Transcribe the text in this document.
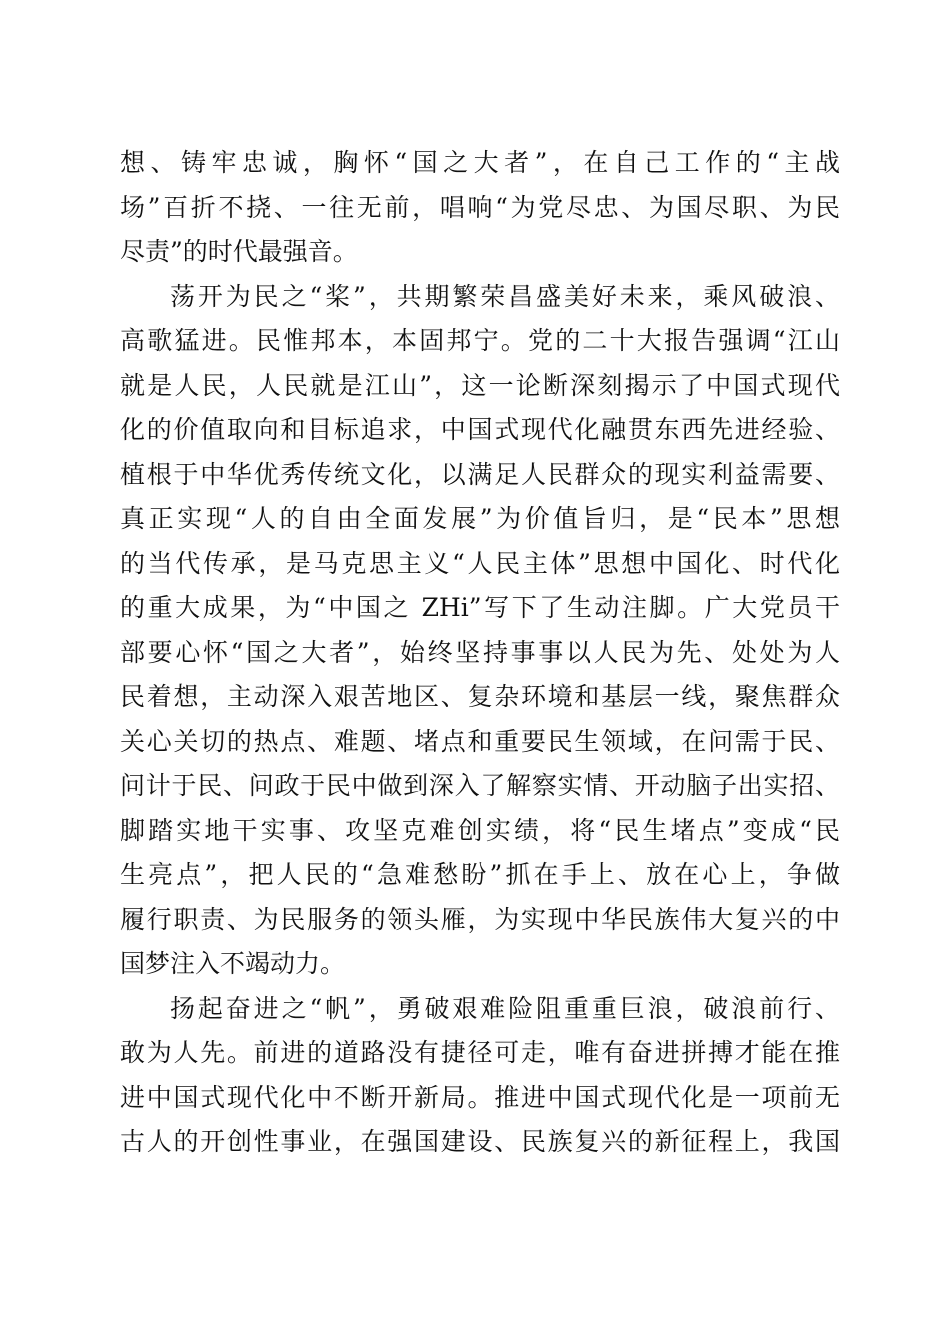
想、铸牢忠诚，胸怀“国之大者”，在自己工作的“主战
场”百折不挠、一往无前，唱响“为党尽忠、为国尽职、为民
尽责”的时代最强音。
荡开为民之“桨”，共期繁荣昌盛美好未来，乘风破浪、
高歌猛进。民惟邦本，本固邦宁。党的二十大报告强调“江山
就是人民，人民就是江山”，这一论断深刻揭示了中国式现代
化的价值取向和目标追求，中国式现代化融贯东西先进经验、
植根于中华优秀传统文化，以满足人民群众的现实利益需要、
真正实现“人的自由全面发展”为价值旨归，是“民本”思想
的当代传承，是马克思主义“人民主体”思想中国化、时代化
的重大成果，为“中国之 ZHi”写下了生动注脚。广大党员干
部要心怀“国之大者”，始终坚持事事以人民为先、处处为人
民着想，主动深入艰苦地区、复杂环境和基层一线，聚焦群众
关心关切的热点、难题、堵点和重要民生领域，在问需于民、
问计于民、问政于民中做到深入了解察实情、开动脑子出实招、
脚踏实地干实事、攻坚克难创实绩，将“民生堵点”变成“民
生亮点”，把人民的“急难愁盼”抓在手上、放在心上，争做
履行职责、为民服务的领头雁，为实现中华民族伟大复兴的中
国梦注入不竭动力。
扬起奋进之“帆”，勇破艰难险阻重重巨浪，破浪前行、
敢为人先。前进的道路没有捷径可走，唯有奋进拼搏才能在推
进中国式现代化中不断开新局。推进中国式现代化是一项前无
古人的开创性事业，在强国建设、民族复兴的新征程上，我国
